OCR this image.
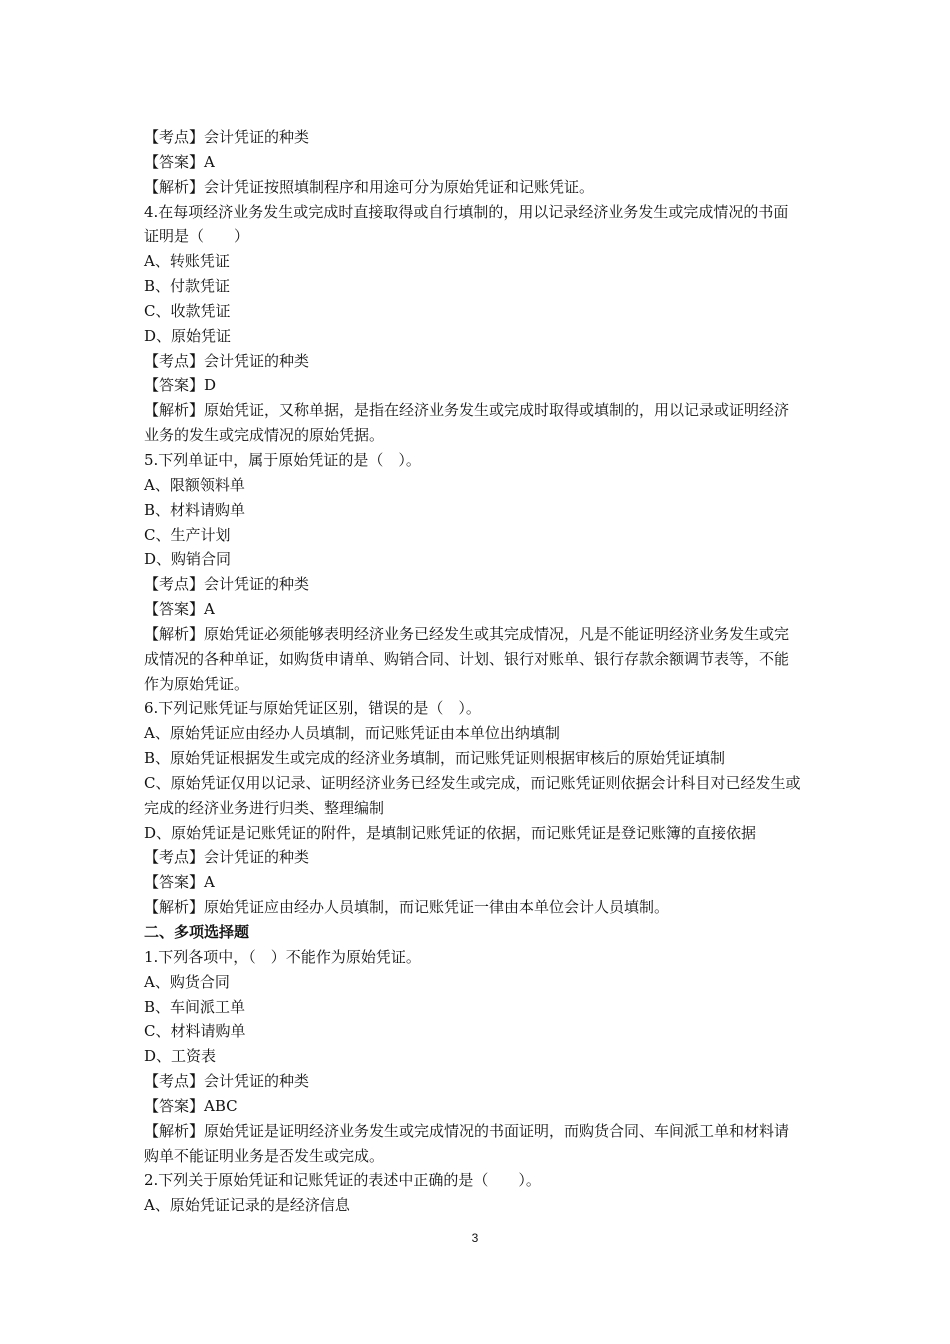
【考点】会计凭证的种类
【答案】A
【解析】会计凭证按照填制程序和用途可分为原始凭证和记账凭证。
4.在每项经济业务发生或完成时直接取得或自行填制的，用以记录经济业务发生或完成情况的书面
证明是（　　）
A、转账凭证
B、付款凭证
C、收款凭证
D、原始凭证
【考点】会计凭证的种类
【答案】D
【解析】原始凭证，又称单据，是指在经济业务发生或完成时取得或填制的，用以记录或证明经济
业务的发生或完成情况的原始凭据。
5.下列单证中，属于原始凭证的是（　）。
A、限额领料单
B、材料请购单
C、生产计划
D、购销合同
【考点】会计凭证的种类
【答案】A
【解析】原始凭证必须能够表明经济业务已经发生或其完成情况，凡是不能证明经济业务发生或完
成情况的各种单证，如购货申请单、购销合同、计划、银行对账单、银行存款余额调节表等，不能
作为原始凭证。
6.下列记账凭证与原始凭证区别，错误的是（　）。
A、原始凭证应由经办人员填制，而记账凭证由本单位出纳填制
B、原始凭证根据发生或完成的经济业务填制，而记账凭证则根据审核后的原始凭证填制
C、原始凭证仅用以记录、证明经济业务已经发生或完成，而记账凭证则依据会计科目对已经发生或
完成的经济业务进行归类、整理编制
D、原始凭证是记账凭证的附件，是填制记账凭证的依据，而记账凭证是登记账簿的直接依据
【考点】会计凭证的种类
【答案】A
【解析】原始凭证应由经办人员填制，而记账凭证一律由本单位会计人员填制。
二、多项选择题
1.下列各项中，（　）不能作为原始凭证。
A、购货合同
B、车间派工单
C、材料请购单
D、工资表
【考点】会计凭证的种类
【答案】ABC
【解析】原始凭证是证明经济业务发生或完成情况的书面证明，而购货合同、车间派工单和材料请
购单不能证明业务是否发生或完成。
2.下列关于原始凭证和记账凭证的表述中正确的是（　　）。
A、原始凭证记录的是经济信息
3
